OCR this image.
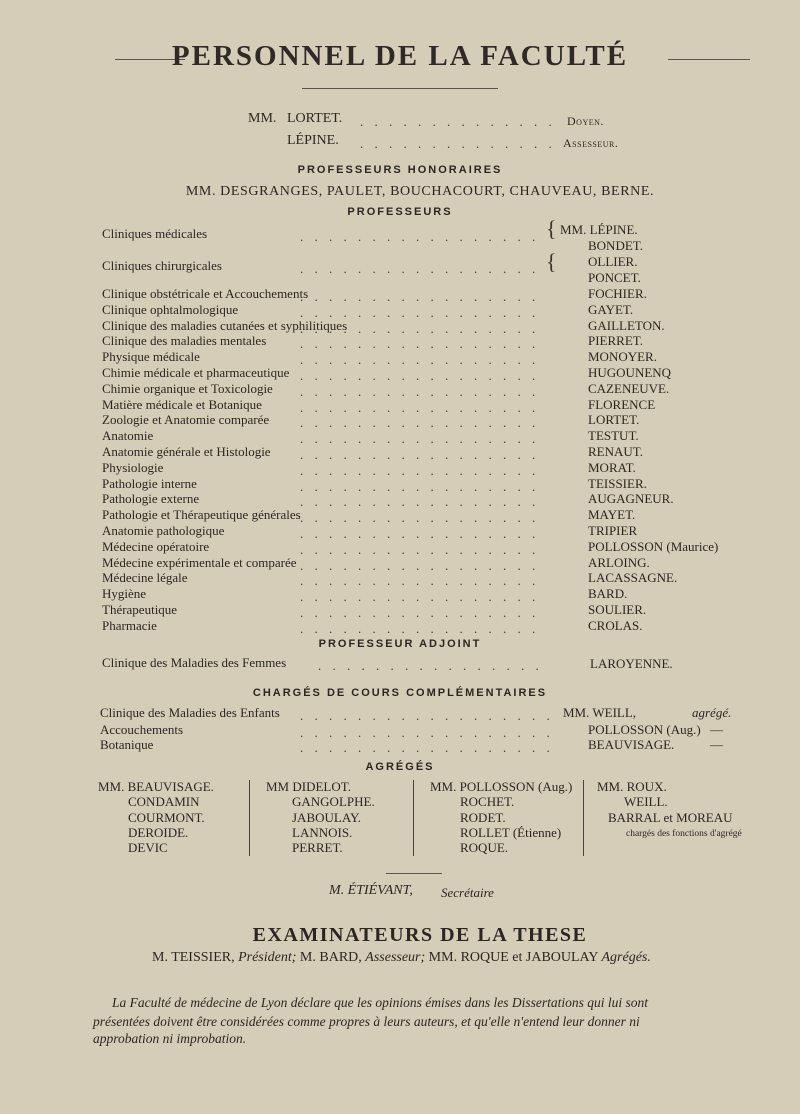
PERSONNEL DE LA FACULTÉ
MM. LORTET. . . .	Doyen.
LÉPINE. . . .	Assesseur.
PROFESSEURS HONORAIRES
MM. DESGRANGES, PAULET, BOUCHACOURT, CHAUVEAU, BERNE.
PROFESSEURS
Cliniques médicales . . .	MM. LÉPINE.
BONDET.
Cliniques chirurgicales . . .	OLLIER.
PONCET.
Clinique obstétricale et Accouchements . . .	FOCHIER.
Clinique ophtalmologique . . .	GAYET.
Clinique des maladies cutanées et syphilitiques . . .	GAILLETON.
Clinique des maladies mentales . . .	PIERRET.
Physique médicale . . .	MONOYER.
Chimie médicale et pharmaceutique . . .	HUGOUNENQ
Chimie organique et Toxicologie . . .	CAZENEUVE.
Matière médicale et Botanique . . .	FLORENCE
Zoologie et Anatomie comparée . . .	LORTET.
Anatomie . . .	TESTUT.
Anatomie générale et Histologie . . .	RENAUT.
Physiologie . . .	MORAT.
Pathologie interne . . .	TEISSIER.
Pathologie externe . . .	AUGAGNEUR.
Pathologie et Thérapeutique générales . . .	MAYET.
Anatomie pathologique . . .	TRIPIER
Médecine opératoire . . .	POLLOSSON (Maurice)
Médecine expérimentale et comparée . . .	ARLOING.
Médecine légale . . .	LACASSAGNE.
Hygiène . . .	BARD.
Thérapeutique . . .	SOULIER.
Pharmacie . . .	CROLAS.
{
{
PROFESSEUR ADJOINT
Clinique des Maladies des Femmes . . .	LAROYENNE.
CHARGÉS DE COURS COMPLÉMENTAIRES
Clinique des Maladies des Enfants . . .	MM. WEILL,	agrégé.
Accouchements . . .	POLLOSSON (Aug.) —
Botanique . . .	BEAUVISAGE.	—
AGRÉGÉS
MM. BEAUVISAGE.
CONDAMIN
COURMONT.
DEROIDE.
DEVIC
MM DIDELOT.
GANGOLPHE.
JABOULAY.
LANNOIS.
PERRET.
MM. POLLOSSON (Aug.)
ROCHET.
RODET.
ROLLET (Étienne)
ROQUE.
MM. ROUX.
WEILL.
BARRAL et MOREAU
chargés des fonctions d'agrégé
M. ÉTIÉVANT, Secrétaire
EXAMINATEURS DE LA THESE
M. TEISSIER, Président; M. BARD, Assesseur; MM. ROQUE et JABOULAY Agrégés.
La Faculté de médecine de Lyon déclare que les opinions émises dans les Dissertations qui lui sont
présentées doivent être considérées comme propres à leurs auteurs, et qu'elle n'entend leur donner ni
approbation ni improbation.
